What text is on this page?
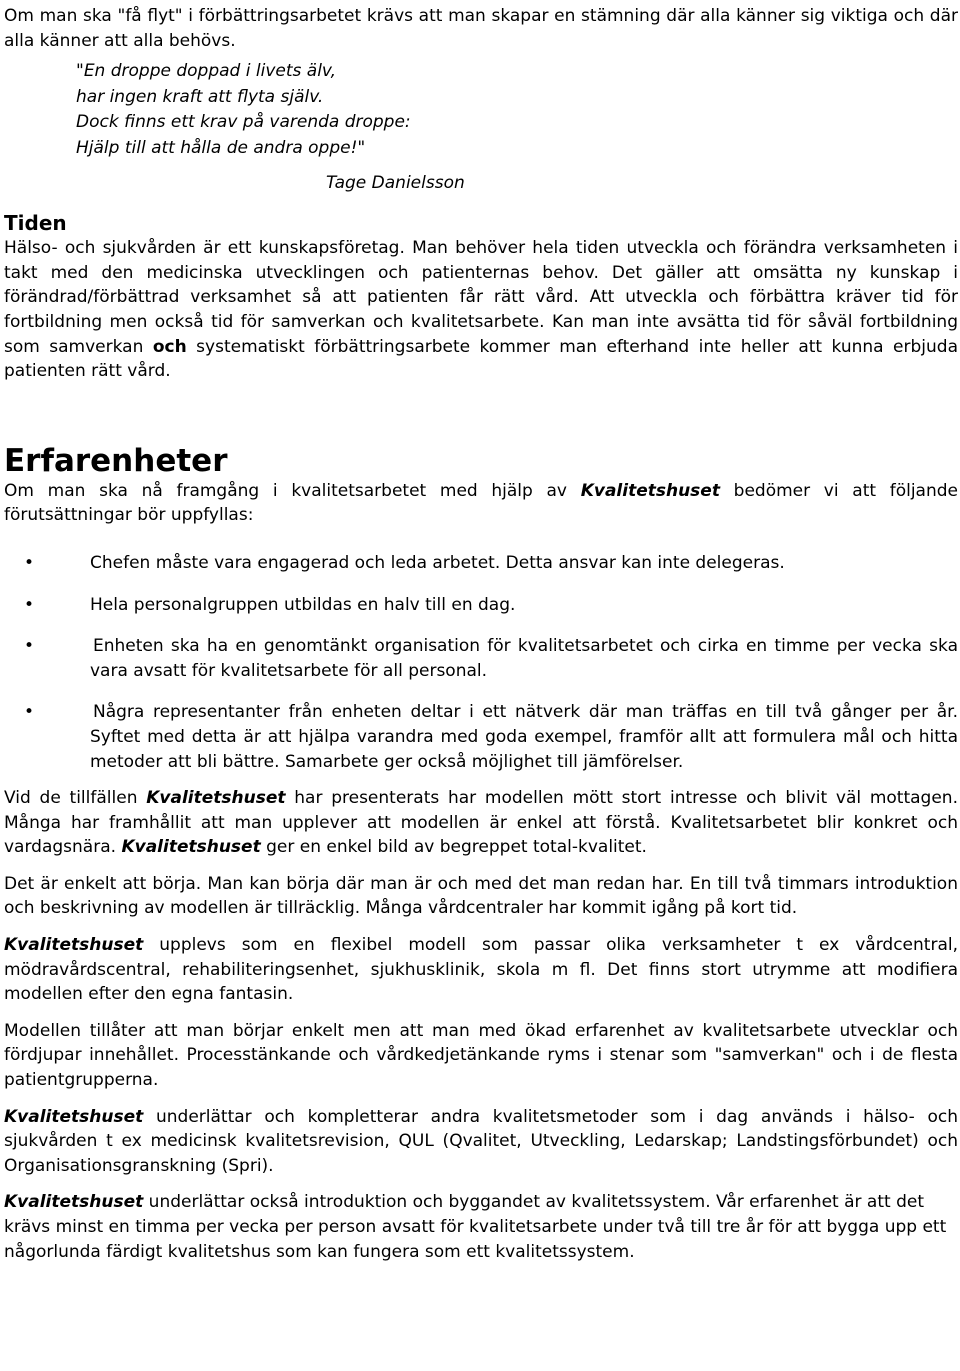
Om man ska "få flyt" i förbättringsarbetet krävs att man skapar en stämning där alla känner sig viktiga och där alla känner att alla behövs.

"En droppe doppad i livets älv,
har ingen kraft att flyta själv.
Dock finns ett krav på varenda droppe:
Hjälp till att hålla de andra oppe!"
Tage Danielsson
Tiden

Hälso- och sjukvården är ett kunskapsföretag. Man behöver hela tiden utveckla och förändra verksamheten i takt med den medicinska utvecklingen och patienternas behov. Det gäller att omsätta ny kunskap i förändrad/förbättrad verksamhet så att patienten får rätt vård. Att utveckla och förbättra kräver tid för fortbildning men också tid för samverkan och kvalitetsarbete. Kan man inte avsätta tid för såväl fortbildning som samverkan och systematiskt förbättringsarbete kommer man efterhand inte heller att kunna erbjuda patienten rätt vård.

Erfarenheter

Om man ska nå framgång i kvalitetsarbetet med hjälp av Kvalitetshuset bedömer vi att följande förutsättningar bör uppfyllas:

•	Chefen måste vara engagerad och leda arbetet. Detta ansvar kan inte delegeras.
•	Hela personalgruppen utbildas en halv till en dag.
•	Enheten ska ha en genomtänkt organisation för kvalitetsarbetet och cirka en timme per vecka ska vara avsatt för kvalitetsarbete för all personal.
•	Några representanter från enheten deltar i ett nätverk där man träffas en till två gånger per år. Syftet med detta är att hjälpa varandra med goda exempel, framför allt att formulera mål och hitta metoder att bli bättre. Samarbete ger också möjlighet till jämförelser.

Vid de tillfällen Kvalitetshuset har presenterats har modellen mött stort intresse och blivit väl mottagen. Många har framhållit att man upplever att modellen är enkel att förstå. Kvalitetsarbetet blir konkret och vardagsnära. Kvalitetshuset ger en enkel bild av begreppet total-kvalitet.

Det är enkelt att börja. Man kan börja där man är och med det man redan har. En till två timmars introduktion och beskrivning av modellen är tillräcklig. Många vårdcentraler har kommit igång på kort tid.

Kvalitetshuset upplevs som en flexibel modell som passar olika verksamheter t ex vårdcentral, mödravårdscentral, rehabiliteringsenhet, sjukhusklinik, skola m fl. Det finns stort utrymme att modifiera modellen efter den egna fantasin.

Modellen tillåter att man börjar enkelt men att man med ökad erfarenhet av kvalitetsarbete utvecklar och fördjupar innehållet. Processtänkande och vårdkedjetänkande ryms i stenar som "samverkan" och i de flesta patientgrupperna.

Kvalitetshuset underlättar och kompletterar andra kvalitetsmetoder som i dag används i hälso- och sjukvården t ex medicinsk kvalitetsrevision, QUL (Qvalitet, Utveckling, Ledarskap; Landstingsförbundet) och Organisationsgranskning (Spri).

Kvalitetshuset underlättar också introduktion och byggandet av kvalitetssystem. Vår erfarenhet är att det krävs minst en timma per vecka per person avsatt för kvalitetsarbete under två till tre år för att bygga upp ett någorlunda färdigt kvalitetshus som kan fungera som ett kvalitetssystem.
